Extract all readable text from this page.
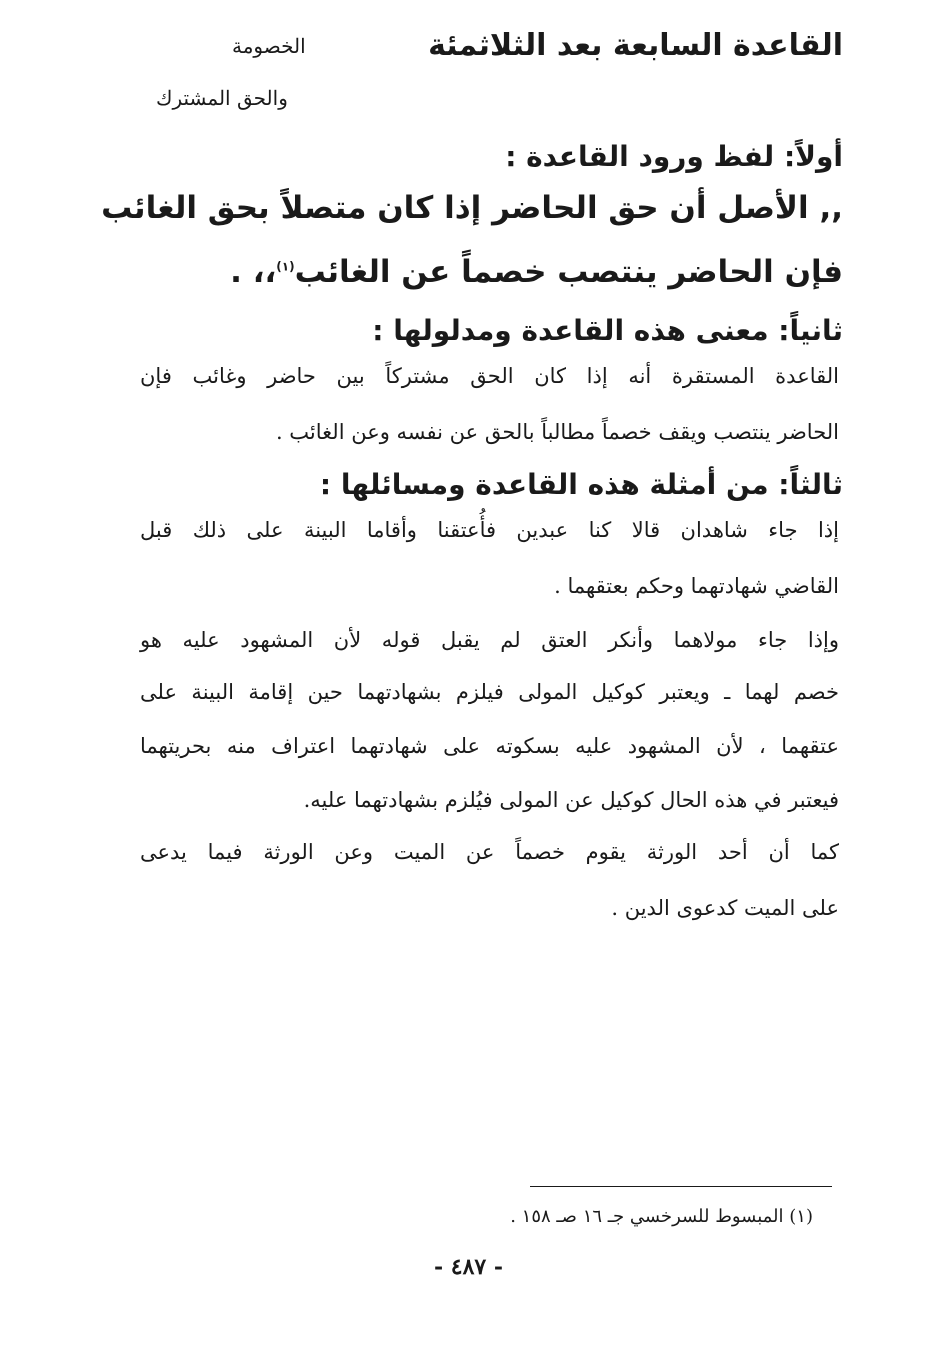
القاعدة السابعة بعد الثلاثمئة
الخصومة
والحق المشترك
أولاً: لفظ ورود القاعدة :
,, الأصل أن حق الحاضر إذا كان متصلاً بحق الغائب
فإن الحاضر ينتصب خصماً عن الغائب$^{(١)}$،، .
ثانياً: معنى هذه القاعدة ومدلولها :
القاعدة المستقرة أنه إذا كان الحق مشتركاً بين حاضر وغائب فإن
الحاضر ينتصب ويقف خصماً مطالباً بالحق عن نفسه وعن الغائب .
ثالثاً: من أمثلة هذه القاعدة ومسائلها :
إذا جاء شاهدان قالا كنا عبدين فأُعتقنا وأقاما البينة على ذلك قبل
القاضي شهادتهما وحكم بعتقهما .
وإذا جاء مولاهما وأنكر العتق لم يقبل قوله لأن المشهود عليه هو
خصم لهما ـ ويعتبر كوكيل المولى فيلزم بشهادتهما حين إقامة البينة على
عتقهما ، لأن المشهود عليه بسكوته على شهادتهما اعتراف منه بحريتهما
فيعتبر في هذه الحال كوكيل عن المولى فيُلزم بشهادتهما عليه.
كما أن أحد الورثة يقوم خصماً عن الميت وعن الورثة فيما يدعى
على الميت كدعوى الدين .
(١) المبسوط للسرخسي جـ ١٦ صـ ١٥٨ .
- ٤٨٧ -
